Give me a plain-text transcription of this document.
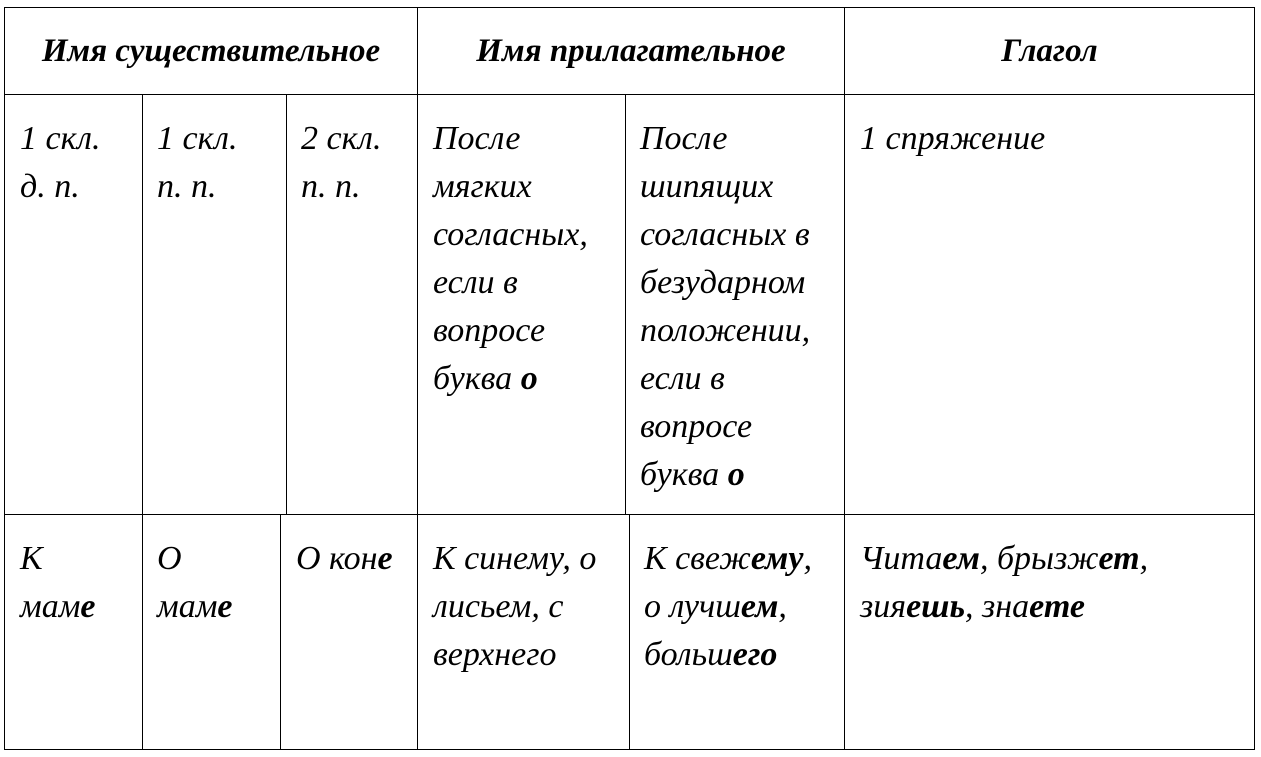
Имя существительное	Имя прилагательное	Глагол
1 скл.
д. п.
1 скл.
п. п.
2 скл.
п. п.
После
мягких
согласных,
если в
вопросе
буква о
После
шипящих
согласных в
безударном
положении,
если в
вопросе
буква о
1 спряжение
К
маме
О
маме
О коне К синему, о
лисьем, с
верхнего
К свежему,
о лучшем,
большего
Читаем, брызжет,
зияешь, знаете
